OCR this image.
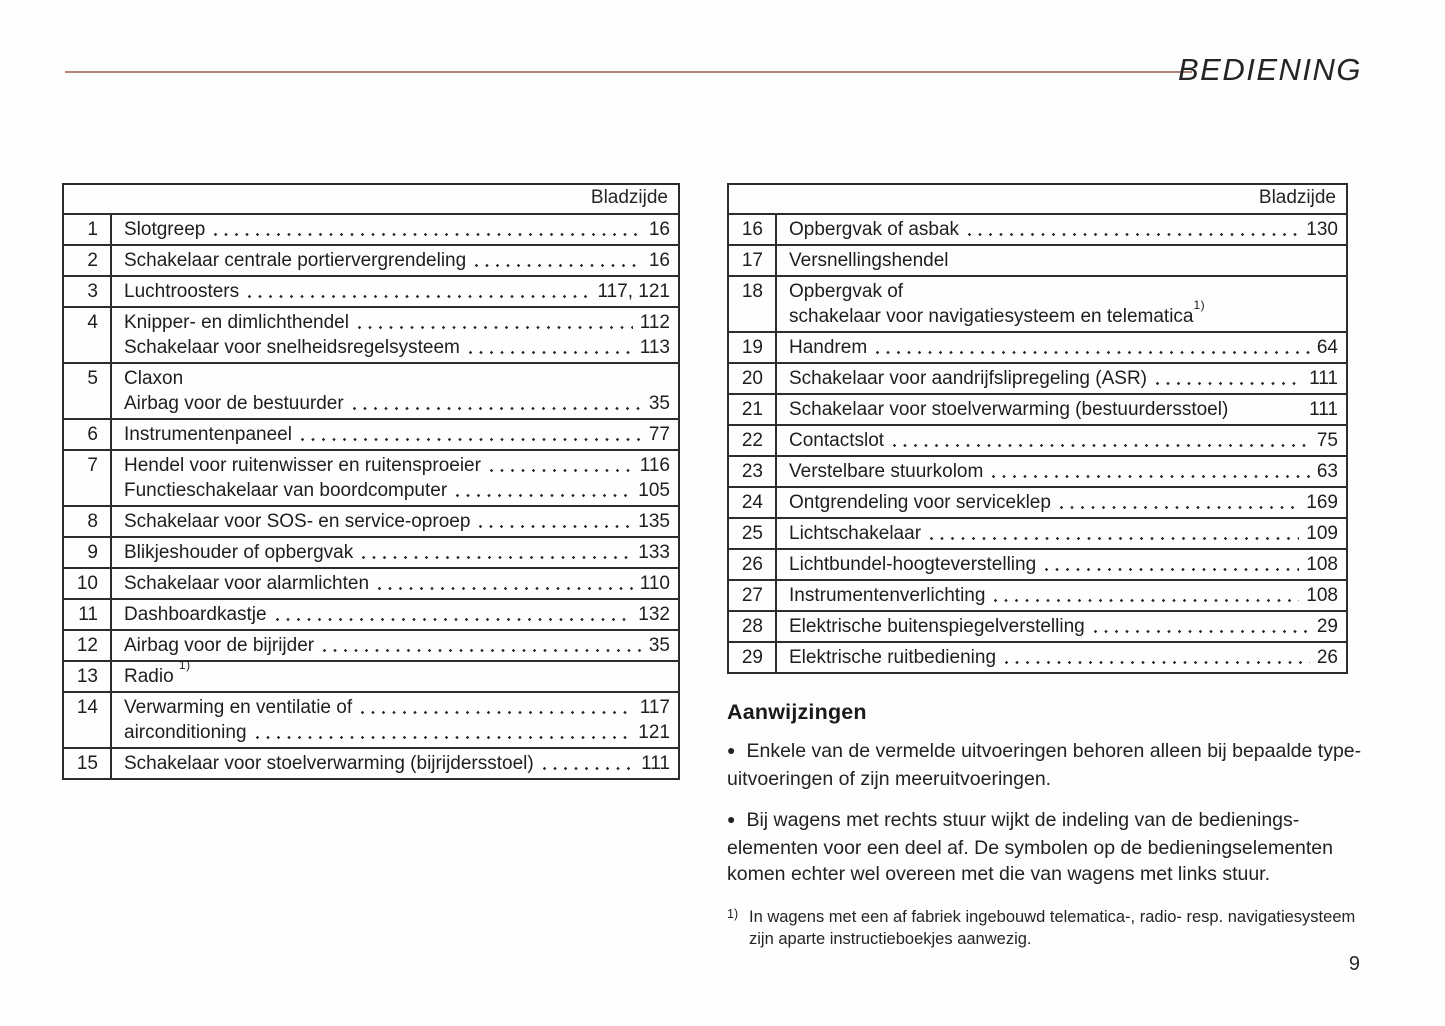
BEDIENING
Bladzijde
1	Slotgreep	16
2	Schakelaar centrale portiervergrendeling	16
3	Luchtroosters	117, 121
4	Knipper- en dimlichthendel	112
Schakelaar voor snelheidsregelsysteem	113
5	Claxon
Airbag voor de bestuurder	35
6	Instrumentenpaneel	77
7	Hendel voor ruitenwisser en ruitensproeier	116
Functieschakelaar van boordcomputer	105
8	Schakelaar voor SOS- en service-oproep	135
9	Blikjeshouder of opbergvak	133
10	Schakelaar voor alarmlichten	110
11	Dashboardkastje	132
12	Airbag voor de bijrijder	35
13	Radio $^{1)}$
14	Verwarming en ventilatie of	117
airconditioning	121
15	Schakelaar voor stoelverwarming (bijrijdersstoel)	111
Bladzijde
16	Opbergvak of asbak	130
17	Versnellingshendel
18	Opbergvak of
schakelaar voor navigatiesysteem en telematica$^{1)}$
19	Handrem	64
20	Schakelaar voor aandrijfslipregeling (ASR)	111
21	Schakelaar voor stoelverwarming (bestuurdersstoel)	111
22	Contactslot	75
23	Verstelbare stuurkolom	63
24	Ontgrendeling voor serviceklep	169
25	Lichtschakelaar	109
26	Lichtbundel-hoogteverstelling	108
27	Instrumentenverlichting	108
28	Elektrische buitenspiegelverstelling	29
29	Elektrische ruitbediening	26
Aanwijzingen
● Enkele van de vermelde uitvoeringen behoren alleen bij bepaalde type-uitvoeringen of zijn meeruitvoeringen.
● Bij wagens met rechts stuur wijkt de indeling van de bedieningselementen voor een deel af. De symbolen op de bedieningselementen komen echter wel overeen met die van wagens met links stuur.
1) In wagens met een af fabriek ingebouwd telematica-, radio- resp. navigatiesysteem zijn aparte instructieboekjes aanwezig.
9
